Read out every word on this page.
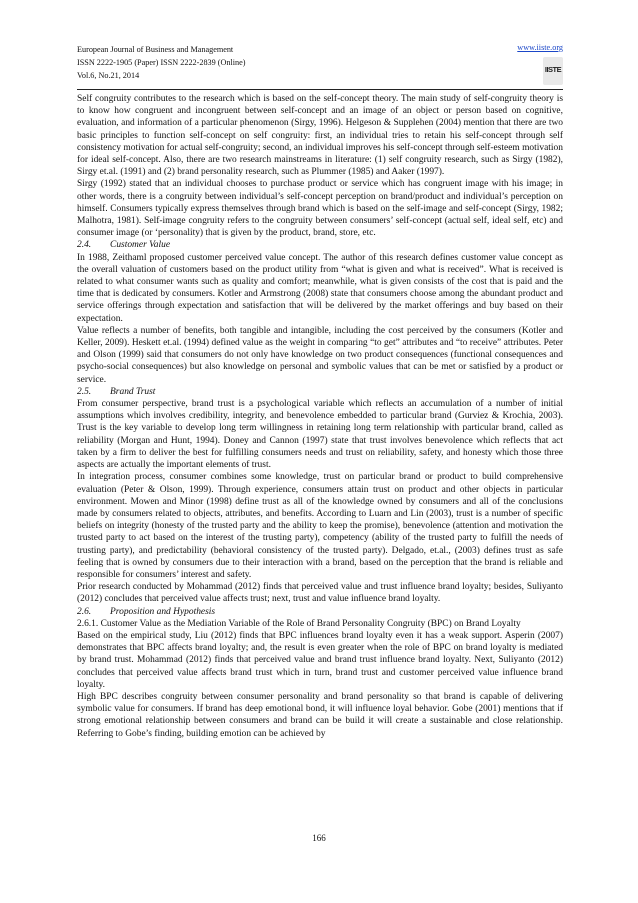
European Journal of Business and Management
ISSN 2222-1905 (Paper) ISSN 2222-2839 (Online)
Vol.6, No.21, 2014
www.iiste.org
IISTE

Self congruity contributes to the research which is based on the self-concept theory. The main study of self-congruity theory is to know how congruent and incongruent between self-concept and an image of an object or person based on cognitive, evaluation, and information of a particular phenomenon (Sirgy, 1996). Helgeson & Supplehen (2004) mention that there are two basic principles to function self-concept on self congruity: first, an individual tries to retain his self-concept through self consistency motivation for actual self-congruity; second, an individual improves his self-concept through self-esteem motivation for ideal self-concept. Also, there are two research mainstreams in literature: (1) self congruity research, such as Sirgy (1982), Sirgy et.al. (1991) and (2) brand personality research, such as Plummer (1985) and Aaker (1997).

Sirgy (1992) stated that an individual chooses to purchase product or service which has congruent image with his image; in other words, there is a congruity between individual’s self-concept perception on brand/product and individual’s perception on himself. Consumers typically express themselves through brand which is based on the self-image and self-concept (Sirgy, 1982; Malhotra, 1981). Self-image congruity refers to the congruity between consumers’ self-concept (actual self, ideal self, etc) and consumer image (or ‘personality) that is given by the product, brand, store, etc.

2.4.        Customer Value

In 1988, Zeithaml proposed customer perceived value concept. The author of this research defines customer value concept as the overall valuation of customers based on the product utility from “what is given and what is received”. What is received is related to what consumer wants such as quality and comfort; meanwhile, what is given consists of the cost that is paid and the time that is dedicated by consumers. Kotler and Armstrong (2008) state that consumers choose among the abundant product and service offerings through expectation and satisfaction that will be delivered by the market offerings and buy based on their expectation.

Value reflects a number of benefits, both tangible and intangible, including the cost perceived by the consumers (Kotler and Keller, 2009). Heskett et.al. (1994) defined value as the weight in comparing “to get” attributes and “to receive” attributes. Peter and Olson (1999) said that consumers do not only have knowledge on two product consequences (functional consequences and psycho-social consequences) but also knowledge on personal and symbolic values that can be met or satisfied by a product or service.

2.5.        Brand Trust

From consumer perspective, brand trust is a psychological variable which reflects an accumulation of a number of initial assumptions which involves credibility, integrity, and benevolence embedded to particular brand (Gurviez & Krochia, 2003). Trust is the key variable to develop long term willingness in retaining long term relationship with particular brand, called as reliability (Morgan and Hunt, 1994). Doney and Cannon (1997) state that trust involves benevolence which reflects that act taken by a firm to deliver the best for fulfilling consumers needs and trust on reliability, safety, and honesty which those three aspects are actually the important elements of trust.

In integration process, consumer combines some knowledge, trust on particular brand or product to build comprehensive evaluation (Peter & Olson, 1999). Through experience, consumers attain trust on product and other objects in particular environment. Mowen and Minor (1998) define trust as all of the knowledge owned by consumers and all of the conclusions made by consumers related to objects, attributes, and benefits. According to Luarn and Lin (2003), trust is a number of specific beliefs on integrity (honesty of the trusted party and the ability to keep the promise), benevolence (attention and motivation the trusted party to act based on the interest of the trusting party), competency (ability of the trusted party to fulfill the needs of trusting party), and predictability (behavioral consistency of the trusted party). Delgado, et.al., (2003) defines trust as safe feeling that is owned by consumers due to their interaction with a brand, based on the perception that the brand is reliable and responsible for consumers’ interest and safety.

Prior research conducted by Mohammad (2012) finds that perceived value and trust influence brand loyalty; besides, Suliyanto (2012) concludes that perceived value affects trust; next, trust and value influence brand loyalty.

2.6.        Proposition and Hypothesis

2.6.1. Customer Value as the Mediation Variable of the Role of Brand Personality Congruity (BPC) on Brand Loyalty

Based on the empirical study, Liu (2012) finds that BPC influences brand loyalty even it has a weak support. Asperin (2007) demonstrates that BPC affects brand loyalty; and, the result is even greater when the role of BPC on brand loyalty is mediated by brand trust. Mohammad (2012) finds that perceived value and brand trust influence brand loyalty. Next, Suliyanto (2012) concludes that perceived value affects brand trust which in turn, brand trust and customer perceived value influence brand loyalty.

High BPC describes congruity between consumer personality and brand personality so that brand is capable of delivering symbolic value for consumers. If brand has deep emotional bond, it will influence loyal behavior. Gobe (2001) mentions that if strong emotional relationship between consumers and brand can be build it will create a sustainable and close relationship. Referring to Gobe’s finding, building emotion can be achieved by

166
